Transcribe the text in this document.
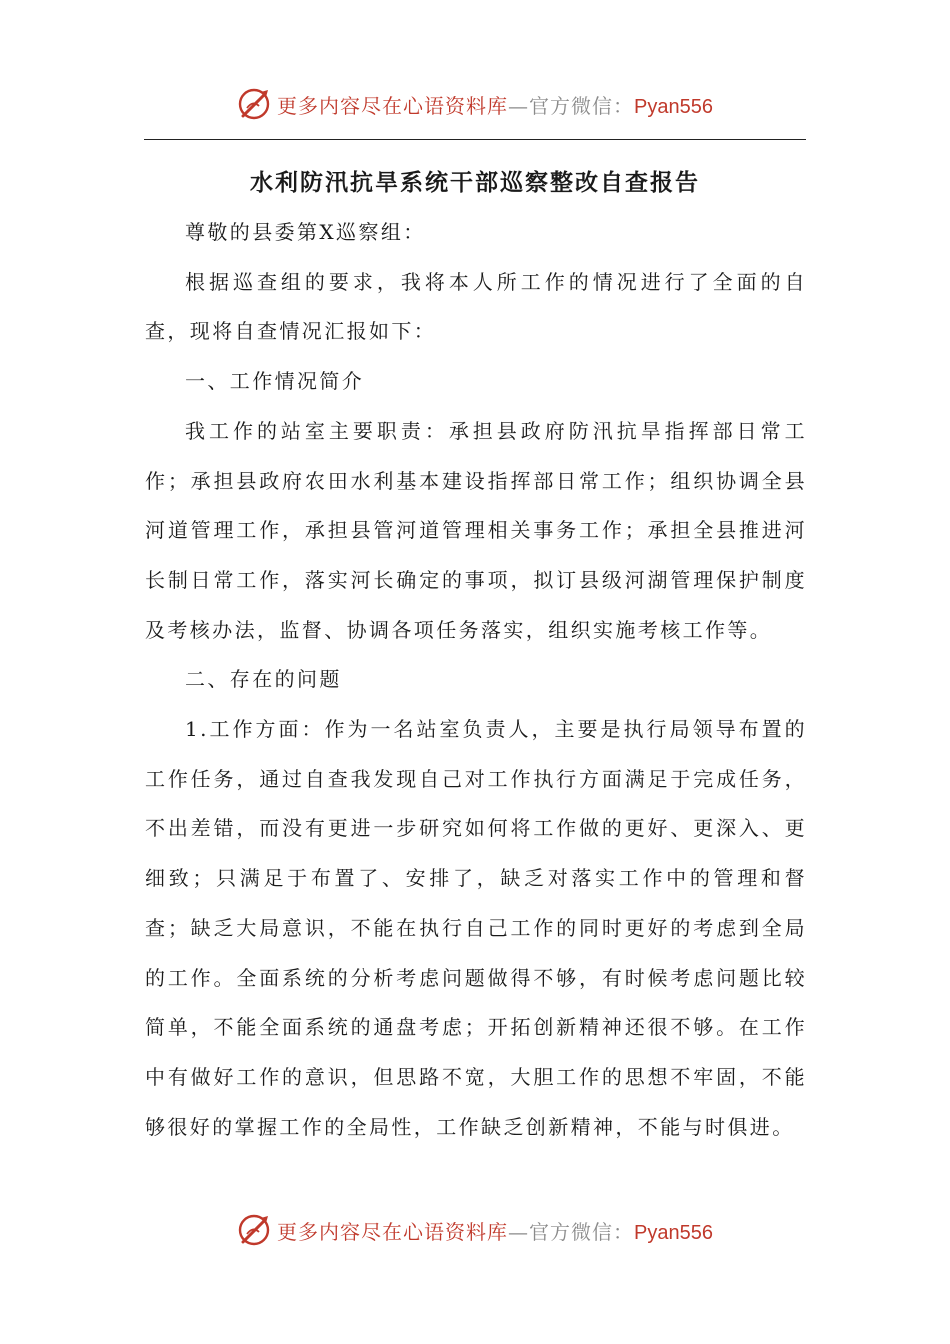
更多内容尽在心语资料库—官方微信：Pyan556
水利防汛抗旱系统干部巡察整改自查报告

尊敬的县委第X巡察组：

根据巡查组的要求，我将本人所工作的情况进行了全面的自查，现将自查情况汇报如下：

一、工作情况简介

我工作的站室主要职责：承担县政府防汛抗旱指挥部日常工作；承担县政府农田水利基本建设指挥部日常工作；组织协调全县河道管理工作，承担县管河道管理相关事务工作；承担全县推进河长制日常工作，落实河长确定的事项，拟订县级河湖管理保护制度及考核办法，监督、协调各项任务落实，组织实施考核工作等。

二、存在的问题

1.工作方面：作为一名站室负责人，主要是执行局领导布置的工作任务，通过自查我发现自己对工作执行方面满足于完成任务，不出差错，而没有更进一步研究如何将工作做的更好、更深入、更细致；只满足于布置了、安排了，缺乏对落实工作中的管理和督查；缺乏大局意识，不能在执行自己工作的同时更好的考虑到全局的工作。全面系统的分析考虑问题做得不够，有时候考虑问题比较简单，不能全面系统的通盘考虑；开拓创新精神还很不够。在工作中有做好工作的意识，但思路不宽，大胆工作的思想不牢固，不能够很好的掌握工作的全局性，工作缺乏创新精神，不能与时俱进。

更多内容尽在心语资料库—官方微信：Pyan556
